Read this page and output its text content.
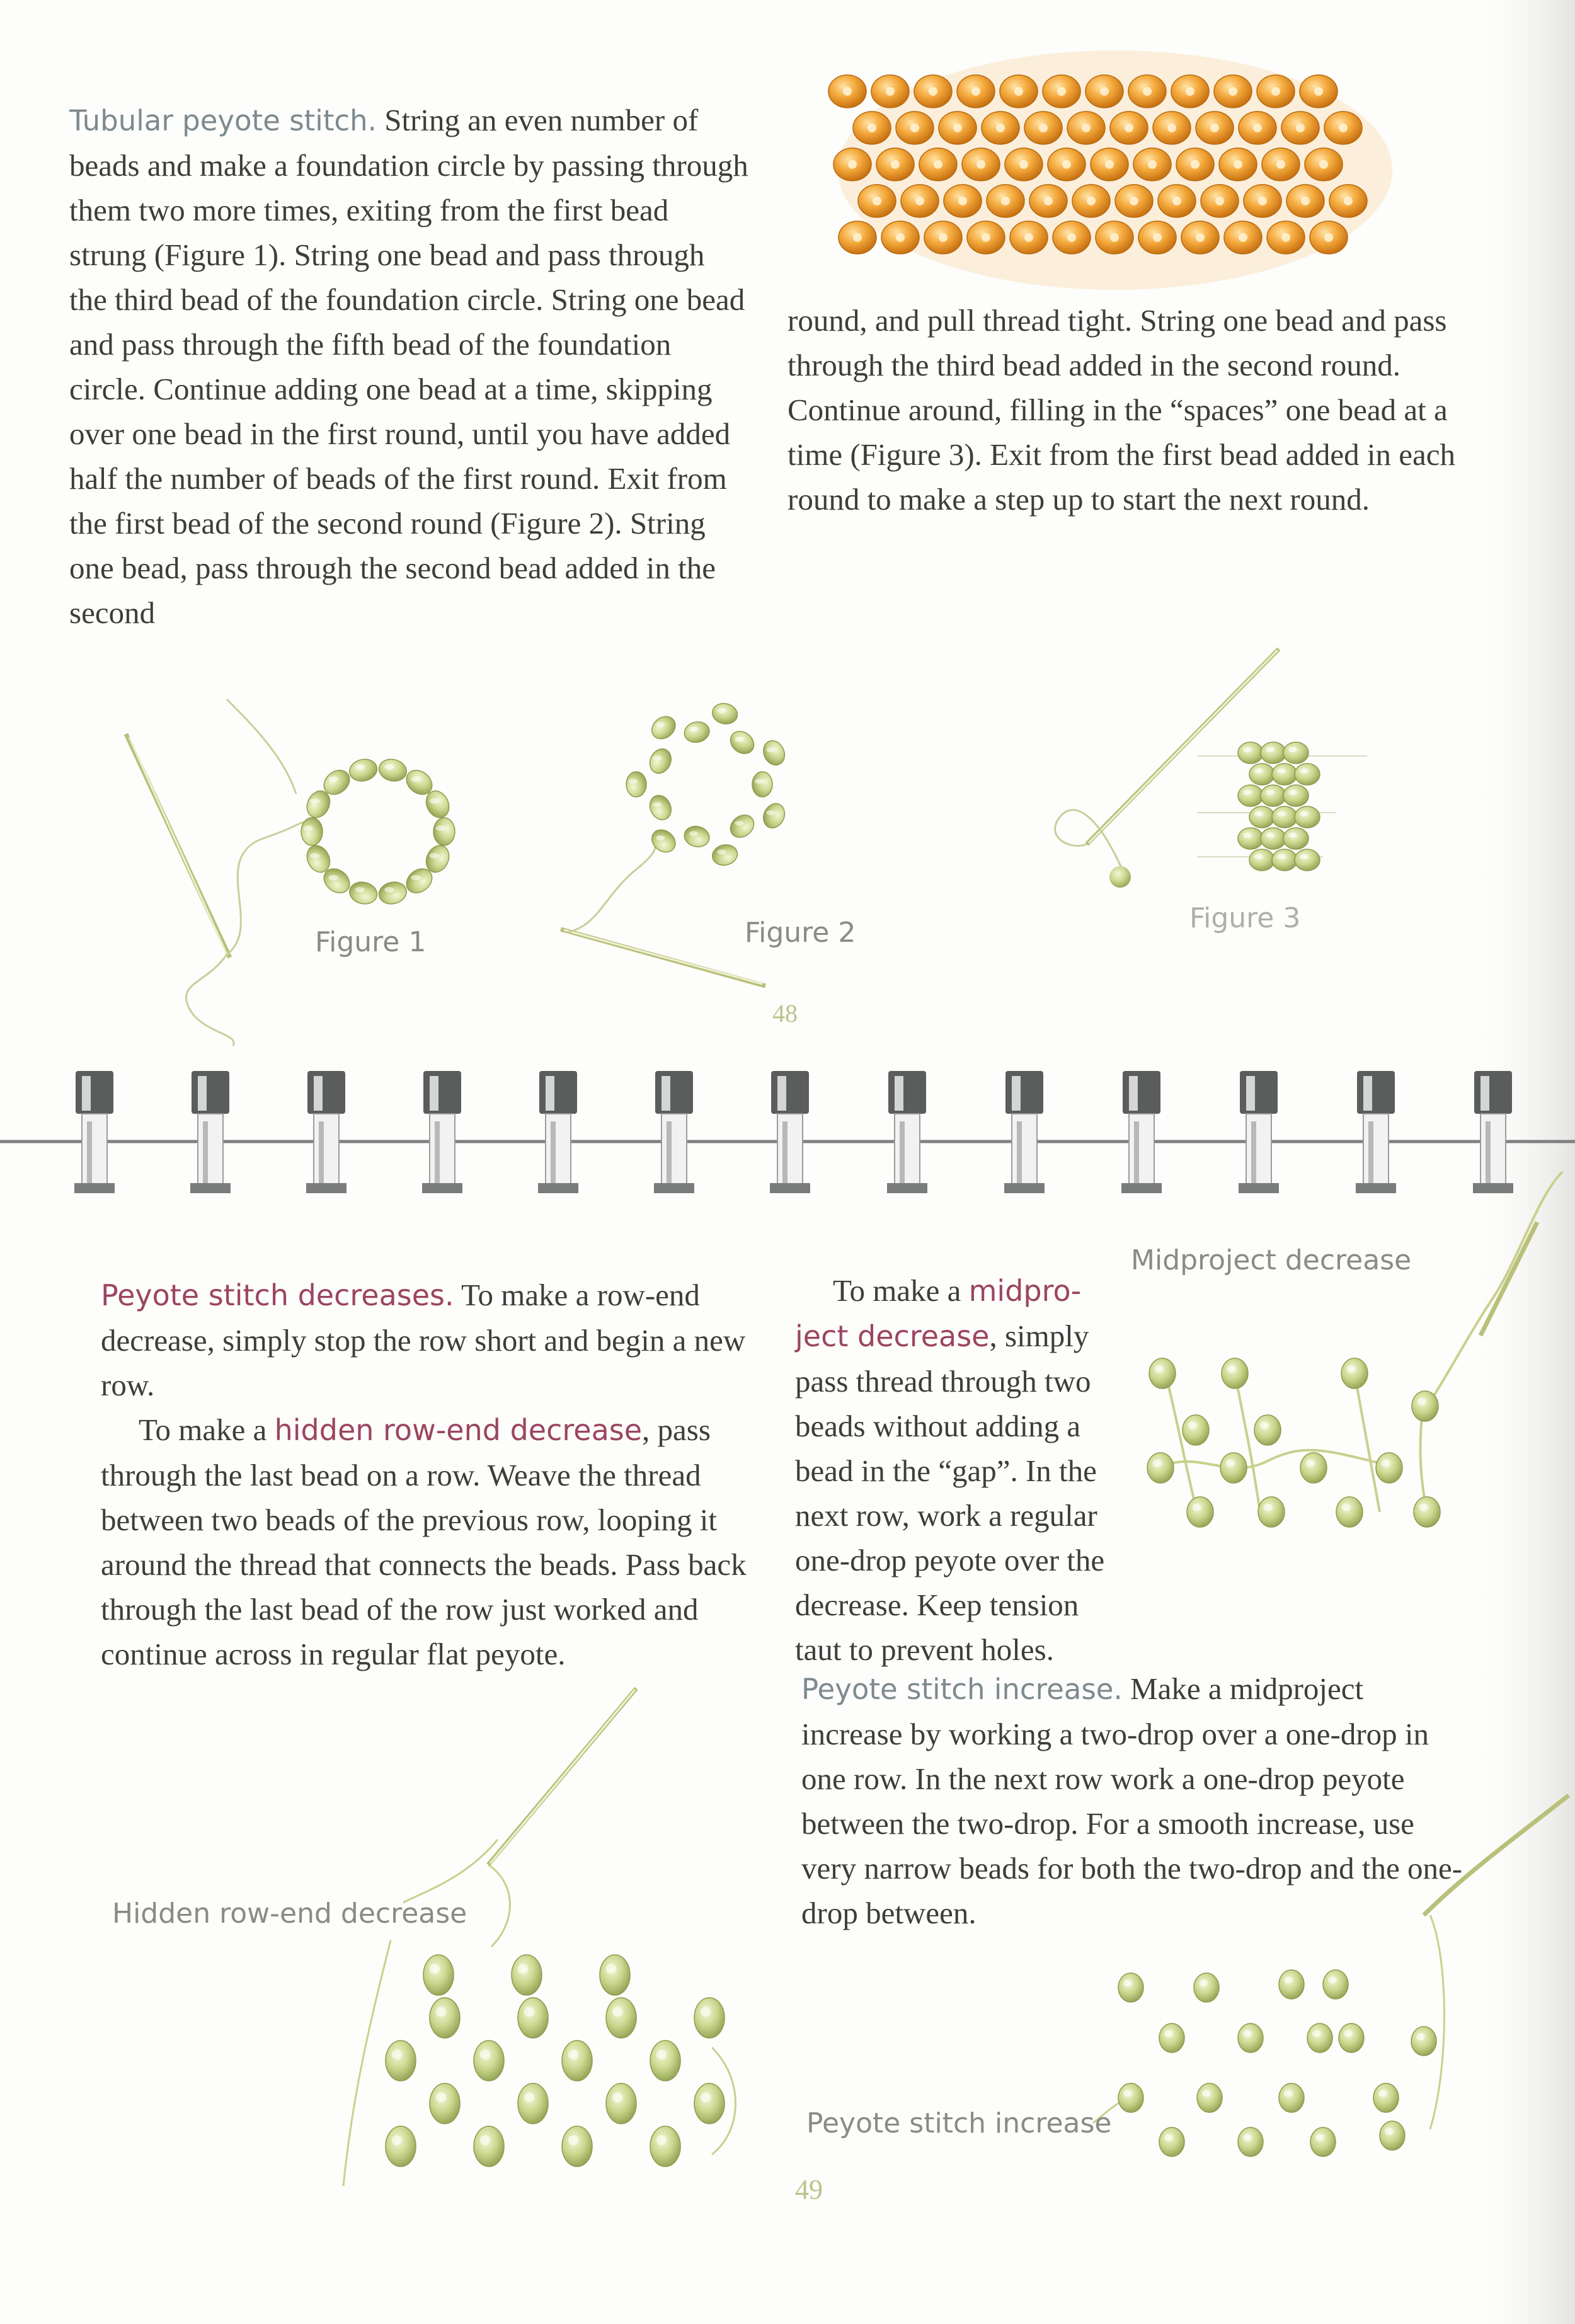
Tubular peyote stitch. String an even number of beads and make a foundation circle by passing through them two more times, exiting from the first bead strung (Figure 1). String one bead and pass through the third bead of the foundation circle. String one bead and pass through the fifth bead of the foundation circle. Continue adding one bead at a time, skipping over one bead in the first round, until you have added half the number of beads of the first round. Exit from the first bead of the second round (Figure 2). String one bead, pass through the second bead added in the second

round, and pull thread tight. String one bead and pass through the third bead added in the second round. Continue around, filling in the “spaces” one bead at a time (Figure 3). Exit from the first bead added in each round to make a step up to start the next round.

Figure 1	Figure 2	Figure 3
48

Peyote stitch decreases. To make a row-end decrease, simply stop the row short and begin a new row.

To make a hidden row-end decrease, pass through the last bead on a row. Weave the thread between two beads of the previous row, looping it around the thread that connects the beads. Pass back through the last bead of the row just worked and continue across in regular flat peyote.

To make a midproject decrease, simply pass thread through two beads without adding a bead in the “gap”. In the next row, work a regular one-drop peyote over the decrease. Keep tension taut to prevent holes.

Midproject decrease

Peyote stitch increase. Make a midproject increase by working a two-drop over a one-drop in one row. In the next row work a one-drop peyote between the two-drop. For a smooth increase, use very narrow beads for both the two-drop and the one-drop between.

Hidden row-end decrease
Peyote stitch increase
49
